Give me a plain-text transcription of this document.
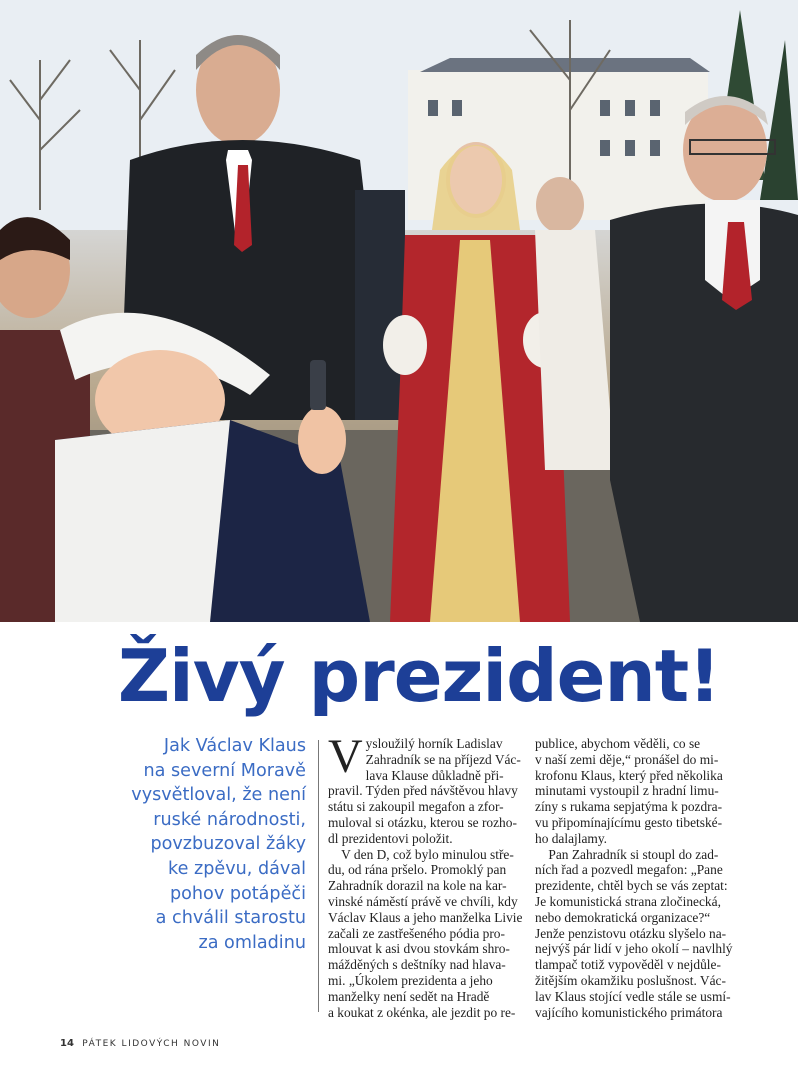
Živý prezident!
Jak Václav Klaus
na severní Moravě
vysvětloval, že není
ruské národnosti,
povzbuzoval žáky
ke zpěvu, dával
pohov potápěči
a chválil starostu
za omladinu
V ysloužilý horník Ladislav
Zahradník se na příjezd Vác-
lava Klause důkladně při-
pravil. Týden před návštěvou hlavy
státu si zakoupil megafon a zfor-
muloval si otázku, kterou se rozho-
dl prezidentovi položit.
V den D, což bylo minulou stře-
du, od rána pršelo. Promoklý pan
Zahradník dorazil na kole na kar-
vinské náměstí právě ve chvíli, kdy
Václav Klaus a jeho manželka Livie
začali ze zastřešeného pódia pro-
mlouvat k asi dvou stovkám shro-
mážděných s deštníky nad hlava-
mi. „Úkolem prezidenta a jeho
manželky není sedět na Hradě
a koukat z okénka, ale jezdit po re-
publice, abychom věděli, co se
v naší zemi děje,“ pronášel do mi-
krofonu Klaus, který před několika
minutami vystoupil z hradní limu-
zíny s rukama sepjatýma k pozdra-
vu připomínajícímu gesto tibetské-
ho dalajlamy.
Pan Zahradník si stoupl do zad-
ních řad a pozvedl megafon: „Pane
prezidente, chtěl bych se vás zeptat:
Je komunistická strana zločinecká,
nebo demokratická organizace?“
Jenže penzistovu otázku slyšelo na-
nejvýš pár lidí v jeho okolí – navlhlý
tlampač totiž vypověděl v nejdůle-
žitějším okamžiku poslušnost. Vác-
lav Klaus stojící vedle stále se usmí-
vajícího komunistického primátora
14 PÁTEK LIDOVÝCH NOVIN
